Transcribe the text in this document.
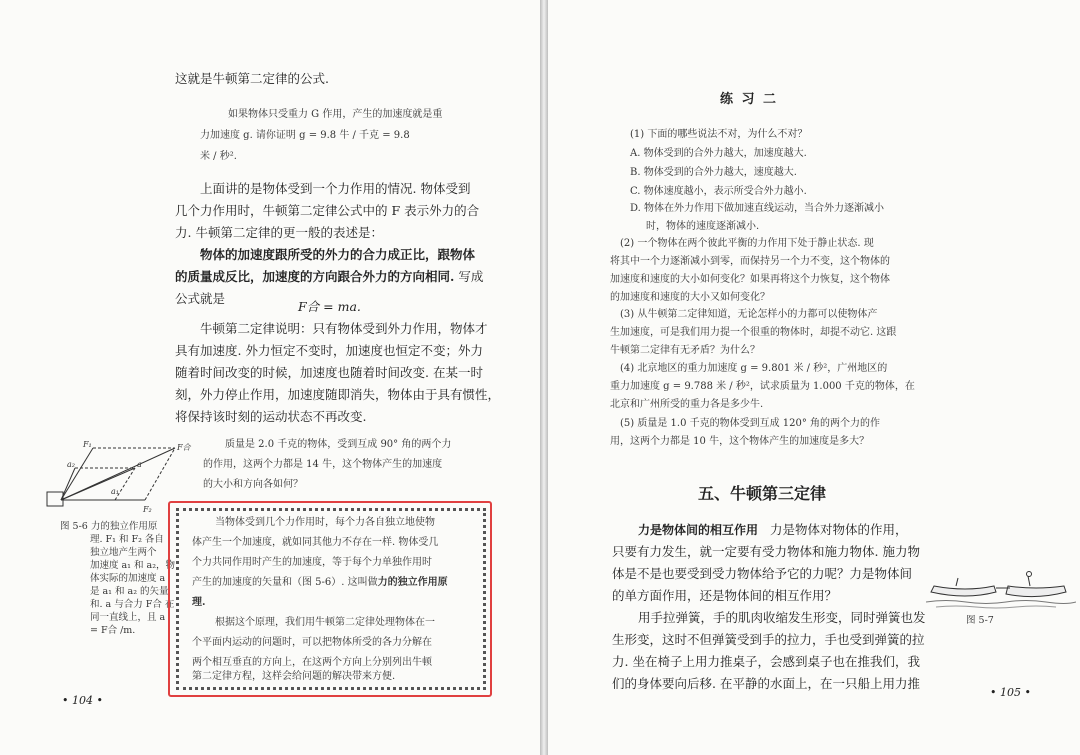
这就是牛顿第二定律的公式.
如果物体只受重力 G 作用，产生的加速度就是重
力加速度 g. 请你证明 g = 9.8 牛 / 千克 = 9.8
米 / 秒².
上面讲的是物体受到一个力作用的情况. 物体受到
几个力作用时，牛顿第二定律公式中的 F 表示外力的合
力. 牛顿第二定律的更一般的表述是：
物体的加速度跟所受的外力的合力成正比，跟物体
的质量成反比，加速度的方向跟合外力的方向相同. 写成
公式就是
F合 = ma.
牛顿第二定律说明：只有物体受到外力作用，物体才
具有加速度. 外力恒定不变时，加速度也恒定不变；外力
随着时间改变的时候，加速度也随着时间改变. 在某一时
刻，外力停止作用，加速度随即消失，物体由于具有惯性，
将保持该时刻的运动状态不再改变.
质量是 2.0 千克的物体，受到互成 90° 角的两个力
的作用，这两个力都是 14 牛，这个物体产生的加速度
的大小和方向各如何？
F₁	F合
a₂	a
a₁
F₂
图 5-6 力的独立作用原
理. F₁ 和 F₂ 各自
独立地产生两个
加速度 a₁ 和 a₂，物
体实际的加速度 a
是 a₁ 和 a₂ 的矢量
和. a 与合力 F合 在
同一直线上，且 a
= F合 /m.
当物体受到几个力作用时，每个力各自独立地使物
体产生一个加速度，就如同其他力不存在一样. 物体受几
个力共同作用时产生的加速度，等于每个力单独作用时
产生的加速度的矢量和（图 5-6）. 这叫做力的独立作用原
理.
根据这个原理，我们用牛顿第二定律处理物体在一
个平面内运动的问题时，可以把物体所受的各力分解在
两个相互垂直的方向上，在这两个方向上分别列出牛顿
第二定律方程，这样会给问题的解决带来方便.
• 104 •
练 习 二
(1) 下面的哪些说法不对，为什么不对？
A. 物体受到的合外力越大，加速度越大.
B. 物体受到的合外力越大，速度越大.
C. 物体速度越小，表示所受合外力越小.
D. 物体在外力作用下做加速直线运动，当合外力逐渐减小
时，物体的速度逐渐减小.
(2) 一个物体在两个彼此平衡的力作用下处于静止状态. 现
将其中一个力逐渐减小到零，而保持另一个力不变，这个物体的
加速度和速度的大小如何变化？如果再将这个力恢复，这个物体
的加速度和速度的大小又如何变化？
(3) 从牛顿第二定律知道，无论怎样小的力都可以使物体产
生加速度，可是我们用力提一个很重的物体时，却提不动它. 这跟
牛顿第二定律有无矛盾？为什么？
(4) 北京地区的重力加速度 g = 9.801 米 / 秒²，广州地区的
重力加速度 g = 9.788 米 / 秒²，试求质量为 1.000 千克的物体，在
北京和广州所受的重力各是多少牛.
(5) 质量是 1.0 千克的物体受到互成 120° 角的两个力的作
用，这两个力都是 10 牛，这个物体产生的加速度是多大？
五、牛顿第三定律
力是物体间的相互作用 力是物体对物体的作用，
只要有力发生，就一定要有受力物体和施力物体. 施力物
体是不是也要受到受力物体给予它的力呢？力是物体间
的单方面作用，还是物体间的相互作用？
用手拉弹簧，手的肌肉收缩发生形变，同时弹簧也发
生形变，这时不但弹簧受到手的拉力，手也受到弹簧的拉
力. 坐在椅子上用力推桌子，会感到桌子也在推我们，我
们的身体要向后移. 在平静的水面上，在一只船上用力推
图 5-7
• 105 •
